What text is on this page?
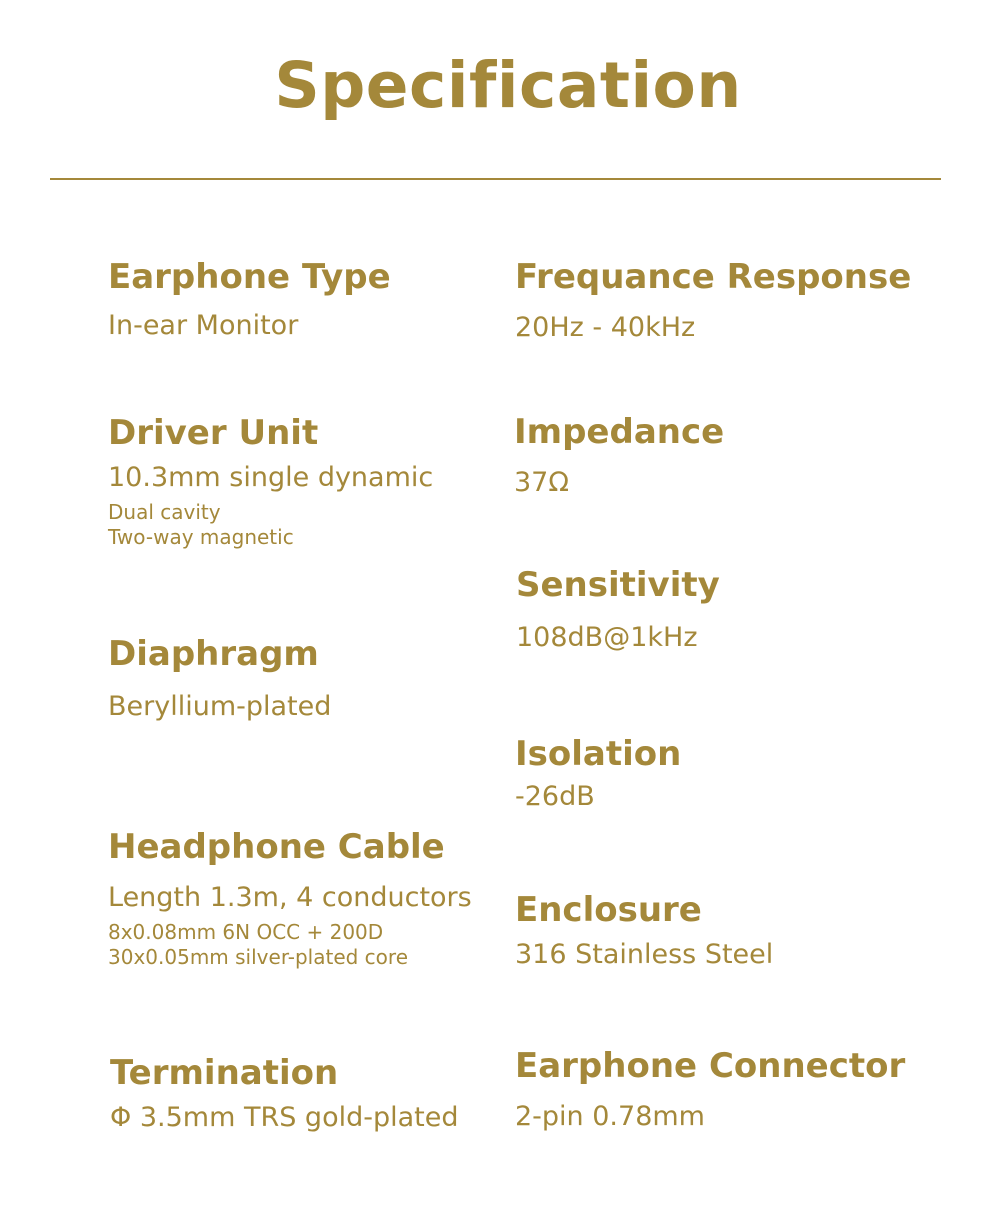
Specification
Earphone Type
In-ear Monitor
Driver Unit
10.3mm single dynamic
Dual cavity
Two-way magnetic
Diaphragm
Beryllium-plated
Headphone Cable
Length 1.3m, 4 conductors
8x0.08mm 6N OCC + 200D
30x0.05mm silver-plated core
Termination
Φ 3.5mm TRS gold-plated
Frequance Response
20Hz - 40kHz
Impedance
37Ω
Sensitivity
108dB@1kHz
Isolation
-26dB
Enclosure
316 Stainless Steel
Earphone Connector
2-pin 0.78mm
